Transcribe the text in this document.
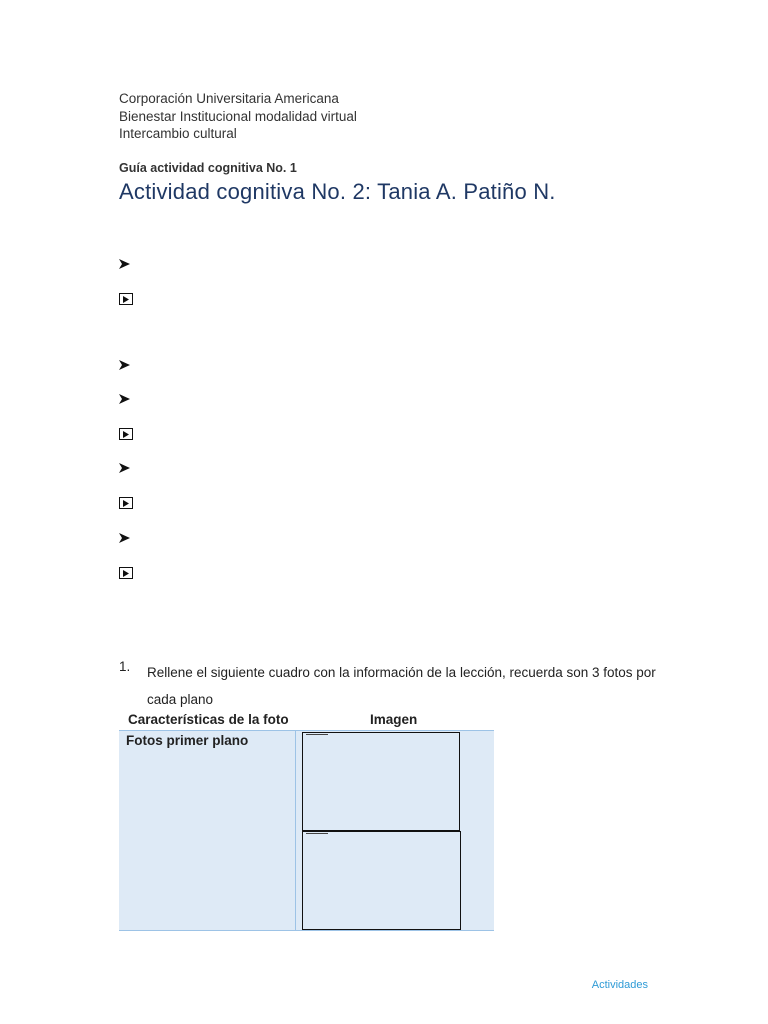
Corporación Universitaria Americana
Bienestar Institucional modalidad virtual
Intercambio cultural
Guía actividad cognitiva No. 1
Actividad cognitiva No. 2: Tania A. Patiño N.
1. Rellene el siguiente cuadro con la información de la lección, recuerda son 3 fotos por cada plano
Características de la foto	Imagen
Fotos primer plano
Actividades
